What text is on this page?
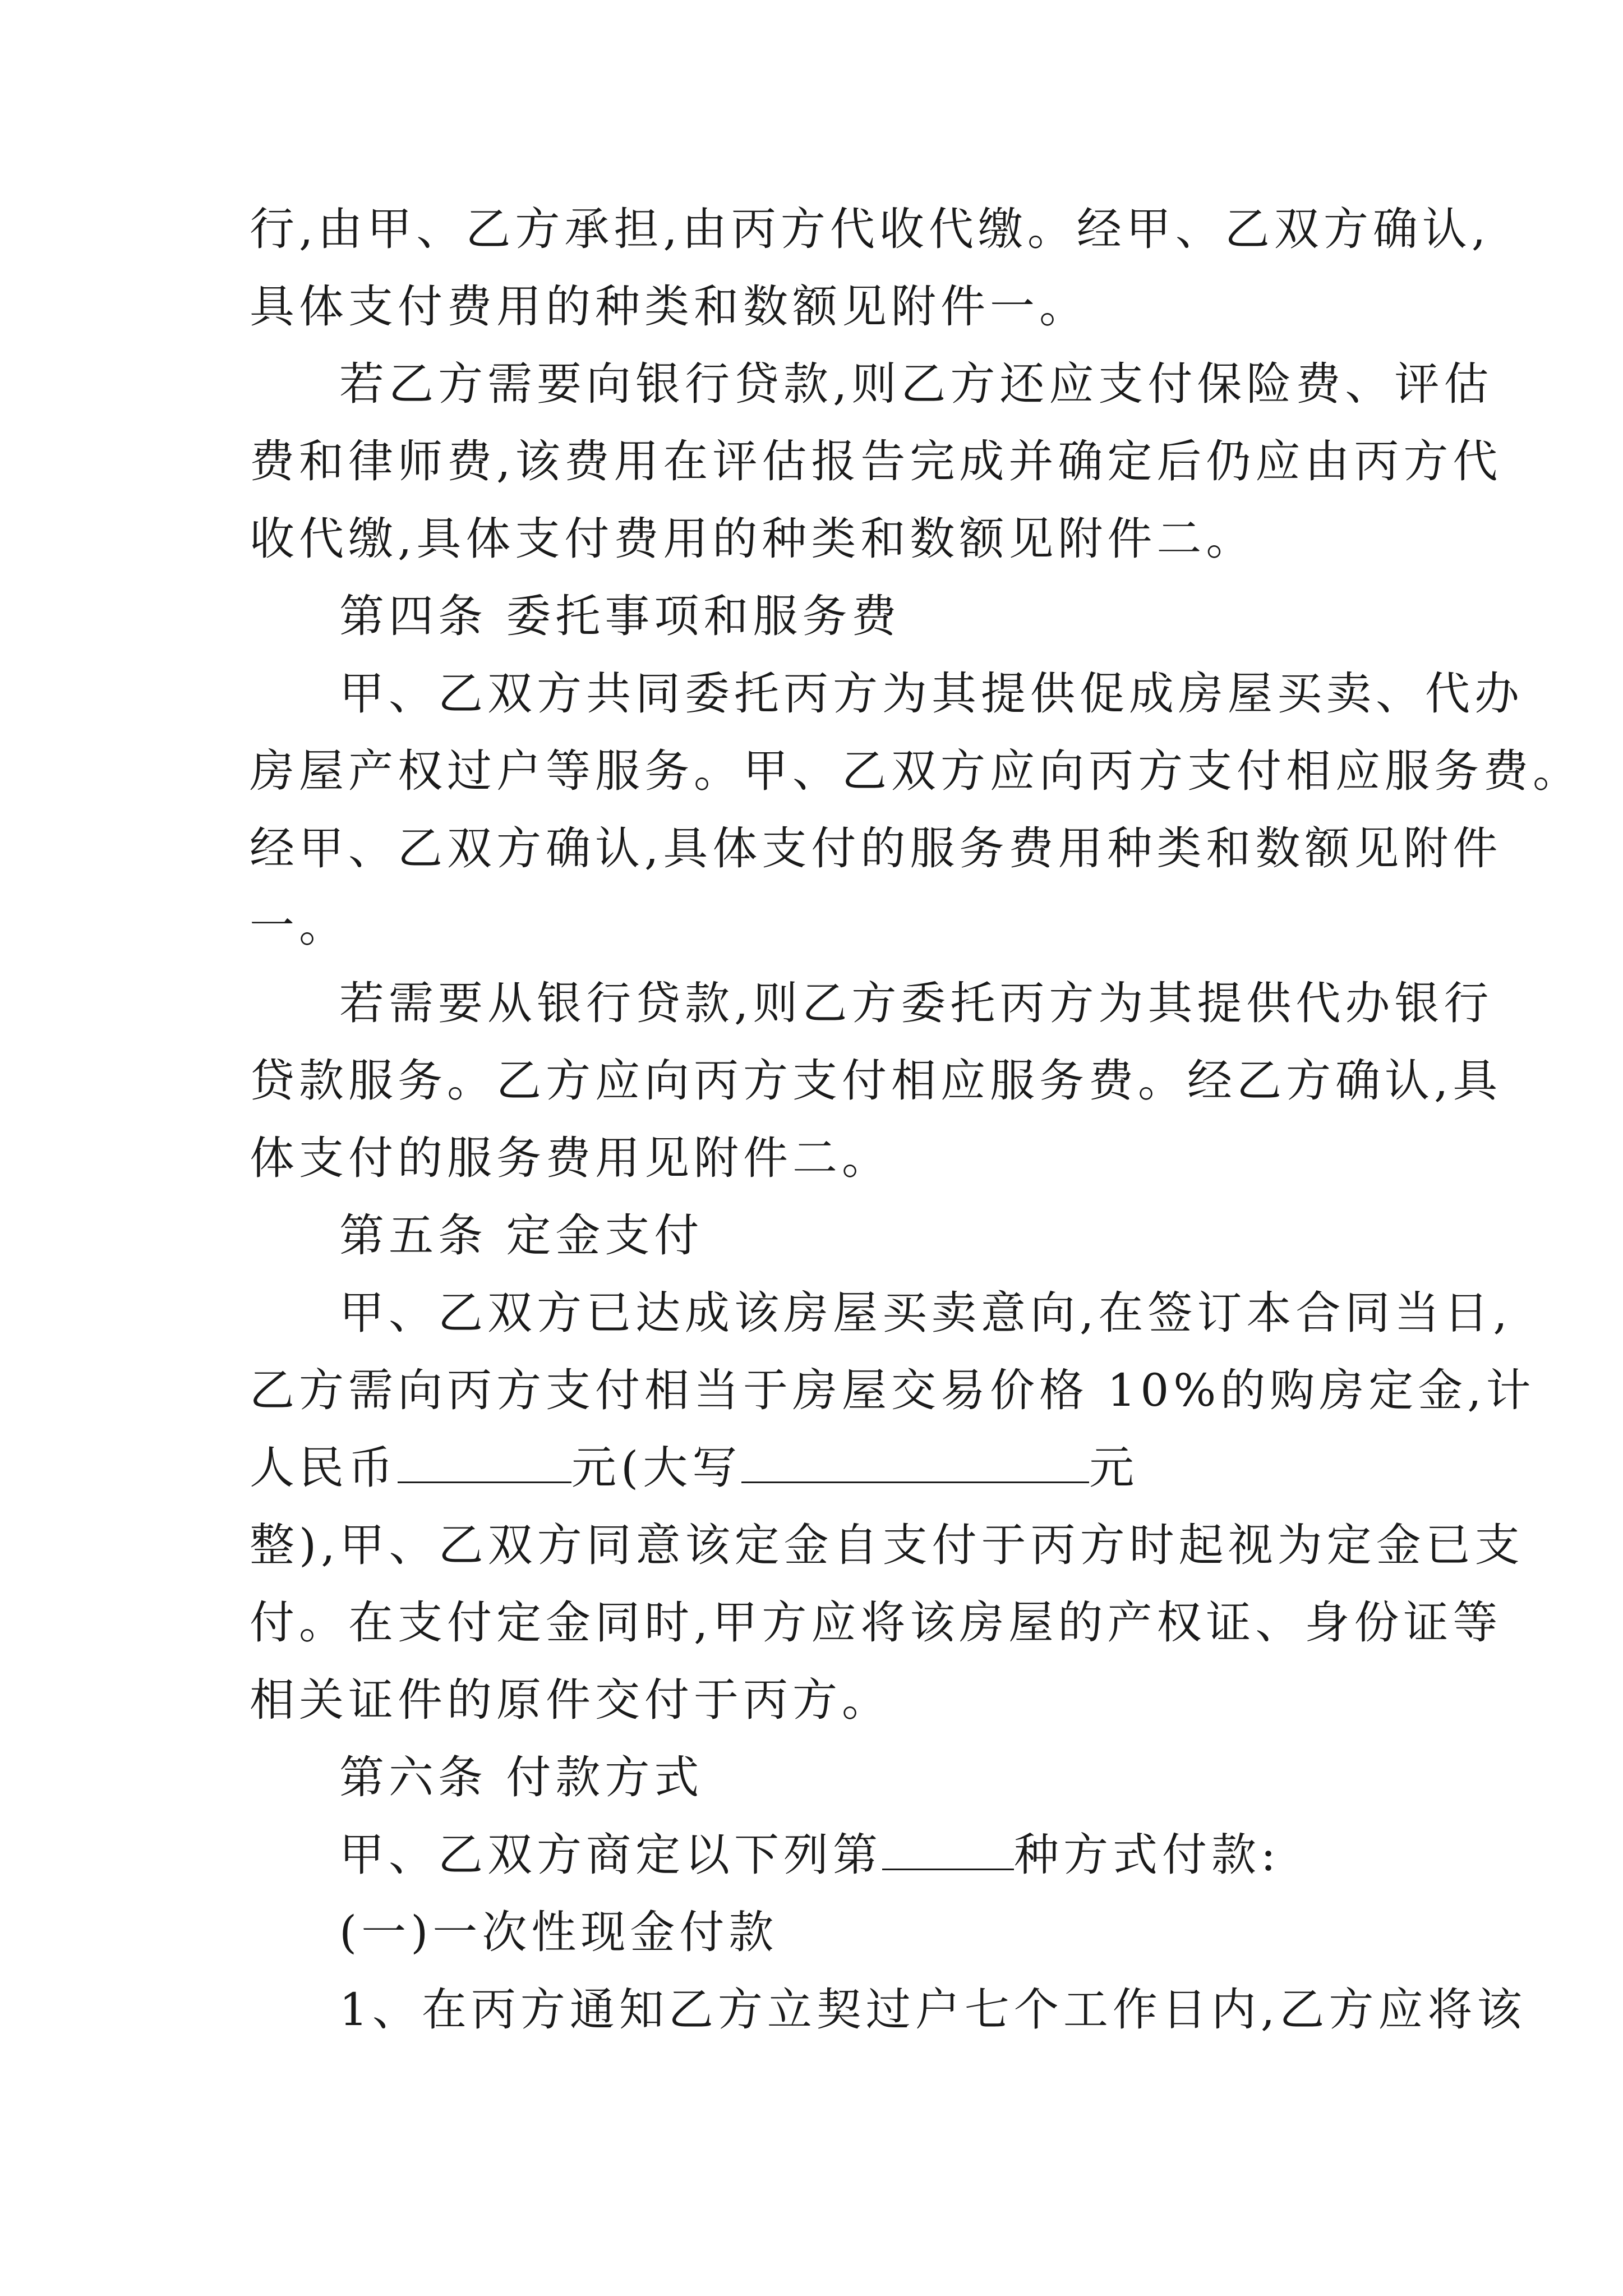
行,由甲、乙方承担,由丙方代收代缴。经甲、乙双方确认,
具体支付费用的种类和数额见附件一。
若乙方需要向银行贷款,则乙方还应支付保险费、评估
费和律师费,该费用在评估报告完成并确定后仍应由丙方代
收代缴,具体支付费用的种类和数额见附件二。
第四条 委托事项和服务费
甲、乙双方共同委托丙方为其提供促成房屋买卖、代办
房屋产权过户等服务。甲、乙双方应向丙方支付相应服务费。
经甲、乙双方确认,具体支付的服务费用种类和数额见附件
一。
若需要从银行贷款,则乙方委托丙方为其提供代办银行
贷款服务。乙方应向丙方支付相应服务费。经乙方确认,具
体支付的服务费用见附件二。
第五条 定金支付
甲、乙双方已达成该房屋买卖意向,在签订本合同当日,
乙方需向丙方支付相当于房屋交易价格 10%的购房定金,计
人民币	元(大写	元
整),甲、乙双方同意该定金自支付于丙方时起视为定金已支
付。在支付定金同时,甲方应将该房屋的产权证、身份证等
相关证件的原件交付于丙方。
第六条 付款方式
甲、乙双方商定以下列第	种方式付款:
(一)一次性现金付款
1、在丙方通知乙方立契过户七个工作日内,乙方应将该
